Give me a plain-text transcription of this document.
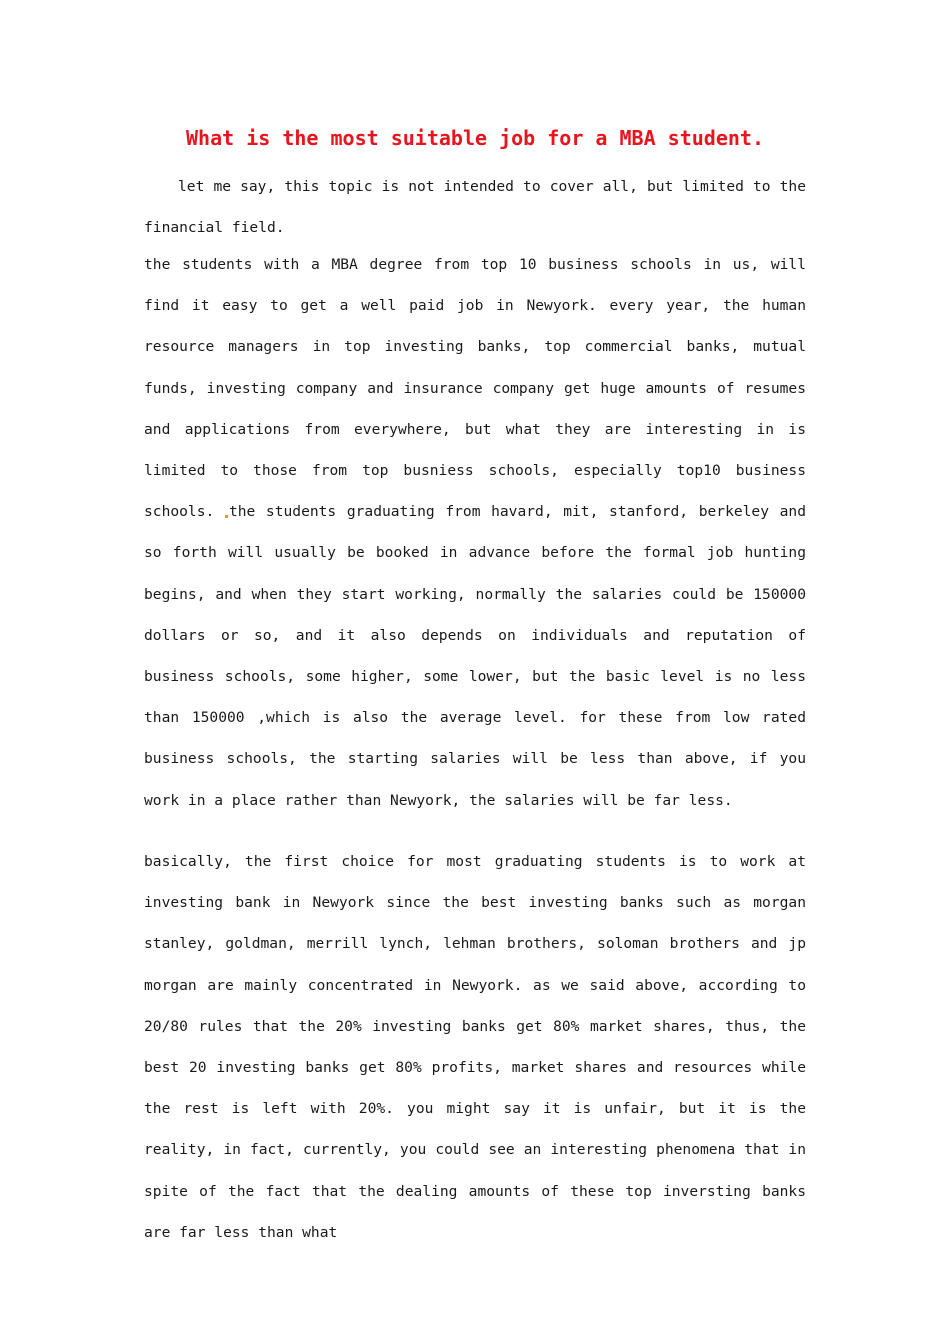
What is the most suitable job for a MBA student.

let me say, this topic is not intended to cover all, but limited to the financial field.

the students with a MBA degree from top 10 business schools in us, will find it easy to get a well paid job in Newyork. every year, the human resource managers in top investing banks, top commercial banks, mutual funds, investing company and insurance company get huge amounts of resumes and applications from everywhere, but what they are interesting in is limited to those from top busniess schools, especially top10 business schools. the students graduating from havard, mit, stanford, berkeley and so forth will usually be booked in advance before the formal job hunting begins, and when they start working, normally the salaries could be 150000 dollars or so, and it also depends on individuals and reputation of business schools, some higher, some lower, but the basic level is no less than 150000 ,which is also the average level. for these from low rated business schools, the starting salaries will be less than above, if you work in a place rather than Newyork, the salaries will be far less.

basically, the first choice for most graduating students is to work at investing bank in Newyork since the best investing banks such as morgan stanley, goldman, merrill lynch, lehman brothers, soloman brothers and jp morgan are mainly concentrated in Newyork. as we said above, according to 20/80 rules that the 20% investing banks get 80% market shares, thus, the best 20 investing banks get 80% profits, market shares and resources while the rest is left with 20%. you might say it is unfair, but it is the reality, in fact, currently, you could see an interesting phenomena that in spite of the fact that the dealing amounts of these top inversting banks are far less than what
